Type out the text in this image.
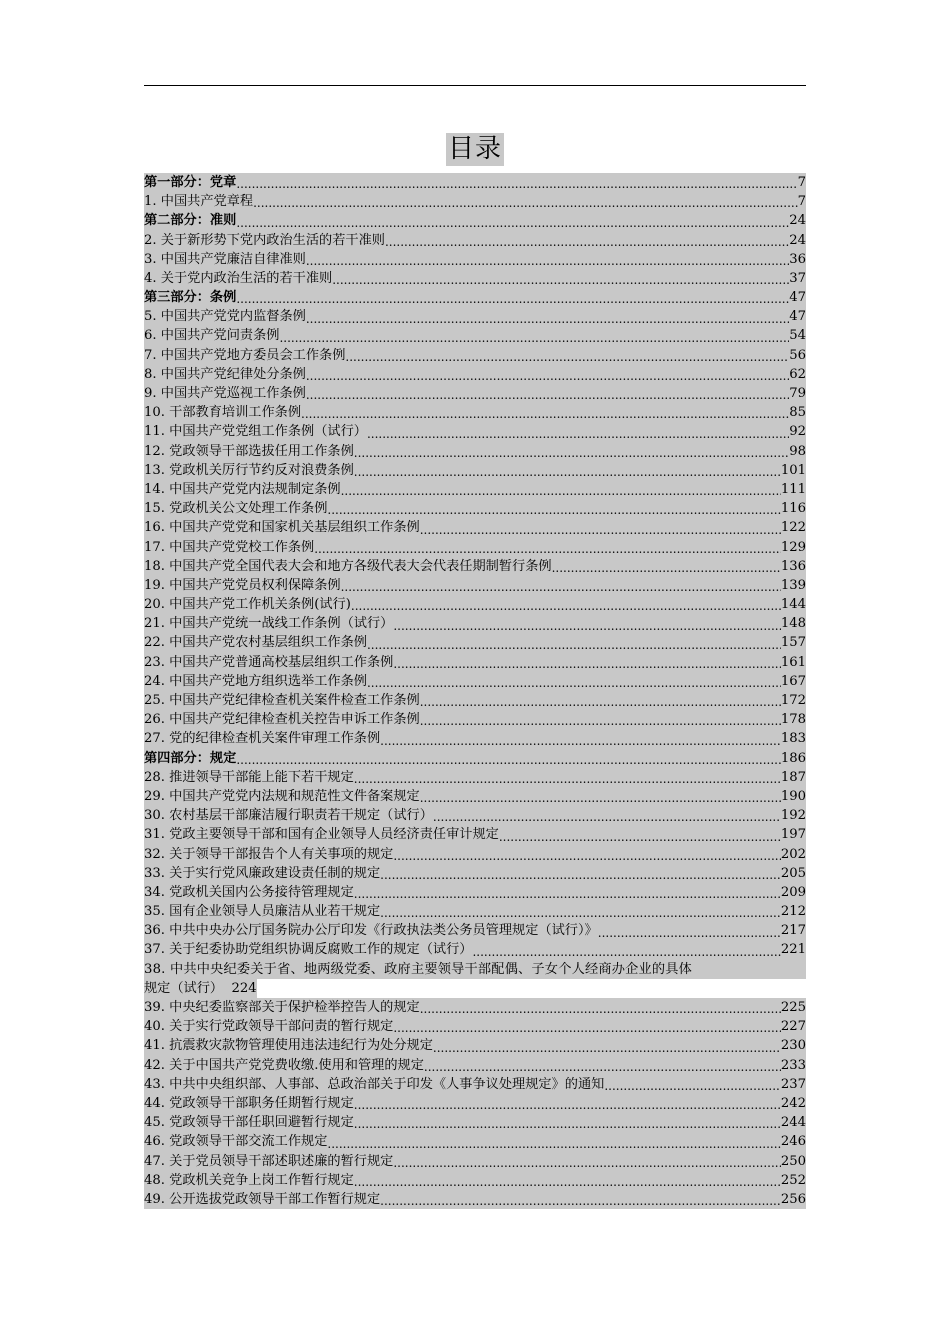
目录
第一部分：党章 .....	7
1. 中国共产党章程 .....	7
第二部分：准则 .....	24
2. 关于新形势下党内政治生活的若干准则 .....	24
3. 中国共产党廉洁自律准则 .....	36
4. 关于党内政治生活的若干准则 .....	37
第三部分：条例 .....	47
5. 中国共产党党内监督条例 .....	47
6. 中国共产党问责条例 .....	54
7. 中国共产党地方委员会工作条例 .....	56
8. 中国共产党纪律处分条例 .....	62
9. 中国共产党巡视工作条例 .....	79
10. 干部教育培训工作条例 .....	85
11. 中国共产党党组工作条例（试行） .....	92
12. 党政领导干部选拔任用工作条例 .....	98
13. 党政机关厉行节约反对浪费条例 .....	101
14. 中国共产党党内法规制定条例 .....	111
15. 党政机关公文处理工作条例 .....	116
16. 中国共产党党和国家机关基层组织工作条例 .....	122
17. 中国共产党党校工作条例 .....	129
18. 中国共产党全国代表大会和地方各级代表大会代表任期制暂行条例 .....	136
19. 中国共产党党员权利保障条例 .....	139
20. 中国共产党工作机关条例(试行) .....	144
21. 中国共产党统一战线工作条例（试行） .....	148
22. 中国共产党农村基层组织工作条例 .....	157
23. 中国共产党普通高校基层组织工作条例 .....	161
24. 中国共产党地方组织选举工作条例 .....	167
25. 中国共产党纪律检查机关案件检查工作条例 .....	172
26. 中国共产党纪律检查机关控告申诉工作条例 .....	178
27. 党的纪律检查机关案件审理工作条例 .....	183
第四部分：规定 .....	186
28. 推进领导干部能上能下若干规定 .....	187
29. 中国共产党党内法规和规范性文件备案规定 .....	190
30. 农村基层干部廉洁履行职责若干规定（试行） .....	192
31. 党政主要领导干部和国有企业领导人员经济责任审计规定 .....	197
32. 关于领导干部报告个人有关事项的规定 .....	202
33. 关于实行党风廉政建设责任制的规定 .....	205
34. 党政机关国内公务接待管理规定 .....	209
35. 国有企业领导人员廉洁从业若干规定 .....	212
36. 中共中央办公厅国务院办公厅印发《行政执法类公务员管理规定（试行）》 .....	217
37. 关于纪委协助党组织协调反腐败工作的规定（试行） .....	221
38. 中共中央纪委关于省、地两级党委、政府主要领导干部配偶、子女个人经商办企业的具体
规定（试行） 224
39. 中央纪委监察部关于保护检举控告人的规定 .....	225
40. 关于实行党政领导干部问责的暂行规定 .....	227
41. 抗震救灾款物管理使用违法违纪行为处分规定 .....	230
42. 关于中国共产党党费收缴.使用和管理的规定 .....	233
43. 中共中央组织部、人事部、总政治部关于印发《人事争议处理规定》的通知 .....	237
44. 党政领导干部职务任期暂行规定 .....	242
45. 党政领导干部任职回避暂行规定 .....	244
46. 党政领导干部交流工作规定 .....	246
47. 关于党员领导干部述职述廉的暂行规定 .....	250
48. 党政机关竞争上岗工作暂行规定 .....	252
49. 公开选拔党政领导干部工作暂行规定 .....	256
